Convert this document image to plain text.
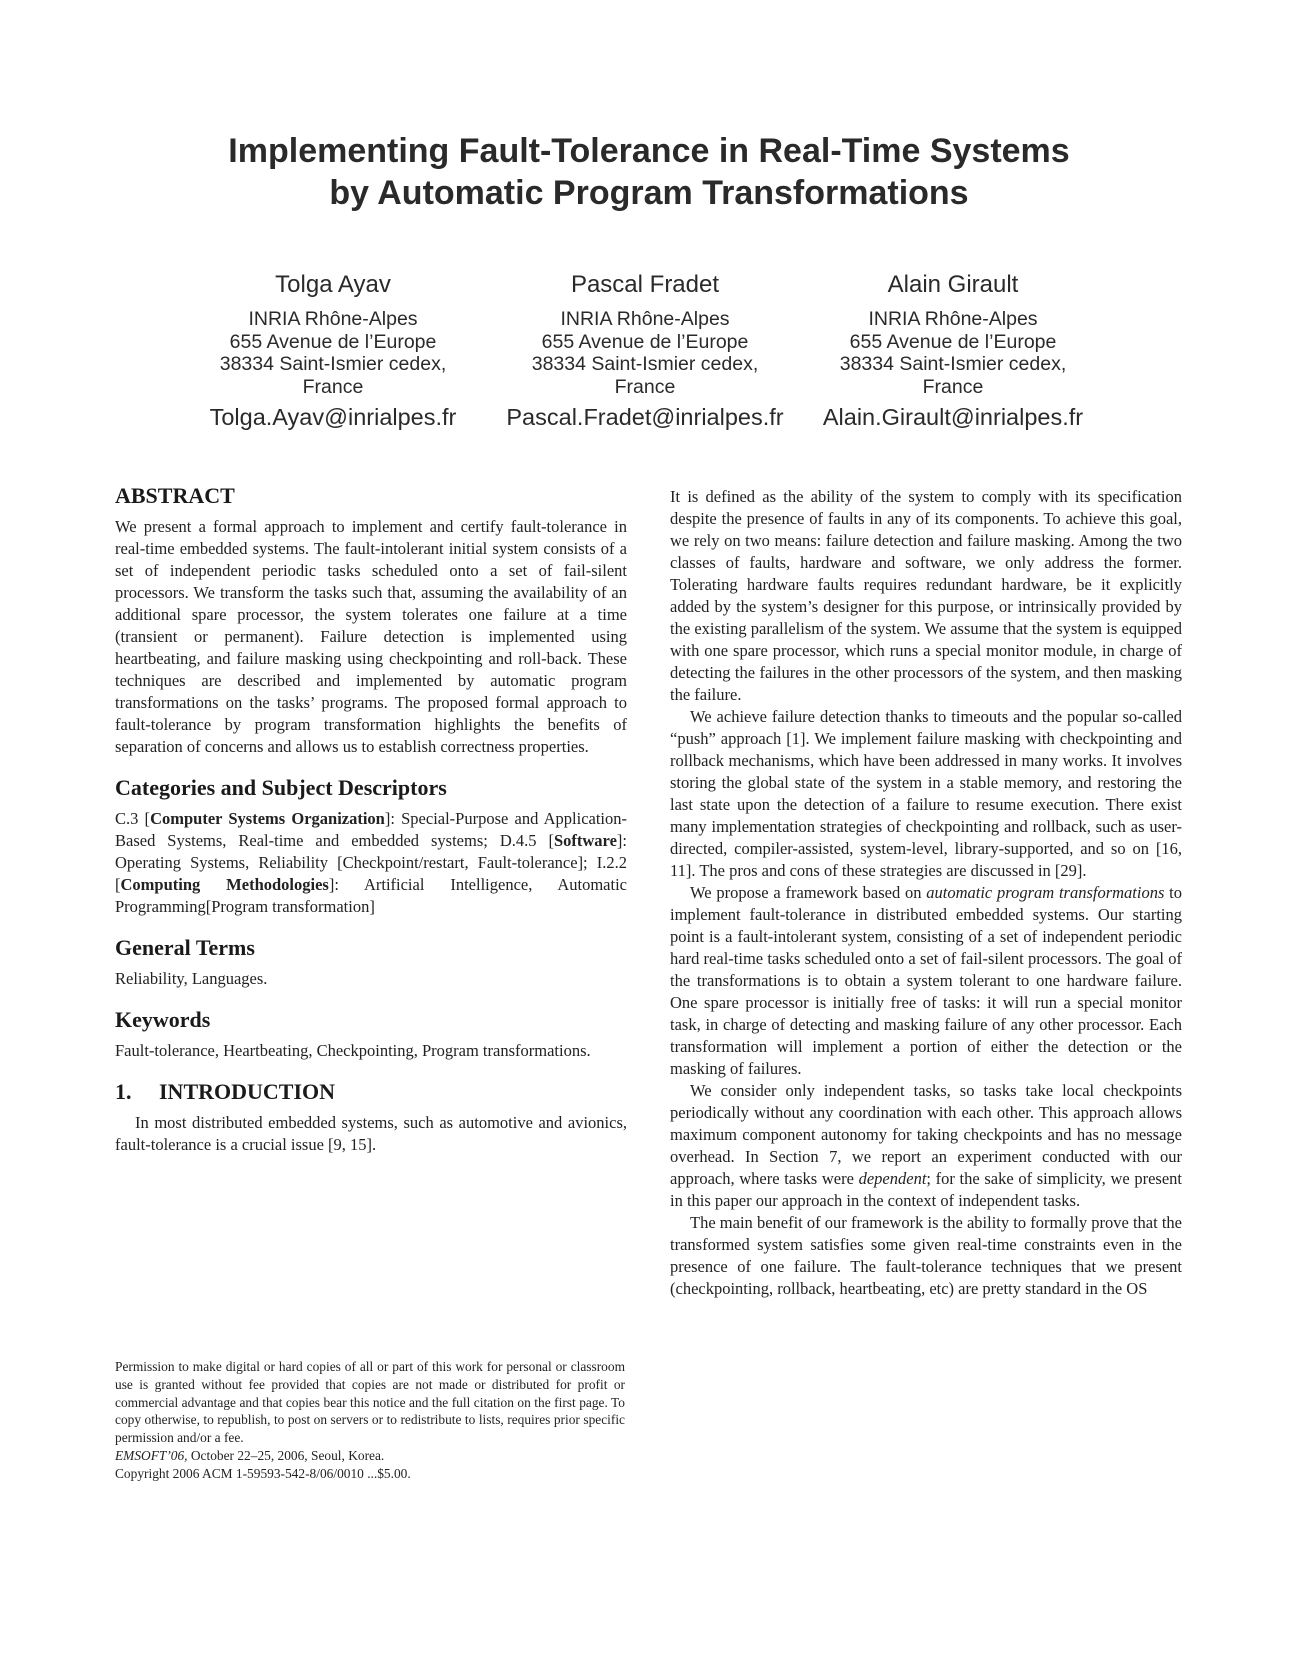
Implementing Fault-Tolerance in Real-Time Systems
by Automatic Program Transformations
Tolga Ayav
INRIA Rhône-Alpes
655 Avenue de l’Europe
38334 Saint-Ismier cedex,
France
Tolga.Ayav@inrialpes.fr
Pascal Fradet
INRIA Rhône-Alpes
655 Avenue de l’Europe
38334 Saint-Ismier cedex,
France
Pascal.Fradet@inrialpes.fr
Alain Girault
INRIA Rhône-Alpes
655 Avenue de l’Europe
38334 Saint-Ismier cedex,
France
Alain.Girault@inrialpes.fr
ABSTRACT

We present a formal approach to implement and certify fault-tolerance in real-time embedded systems. The fault-intolerant initial system consists of a set of independent periodic tasks scheduled onto a set of fail-silent processors. We transform the tasks such that, assuming the availability of an additional spare processor, the system tolerates one failure at a time (transient or permanent). Failure detection is implemented using heartbeating, and failure masking using checkpointing and roll-back. These techniques are described and implemented by automatic program transformations on the tasks’ programs. The proposed formal approach to fault-tolerance by program transformation highlights the benefits of separation of concerns and allows us to establish correctness properties.

Categories and Subject Descriptors

C.3 [Computer Systems Organization]: Special-Purpose and Application-Based Systems, Real-time and embedded systems; D.4.5 [Software]: Operating Systems, Reliability [Checkpoint/restart, Fault-tolerance]; I.2.2 [Computing Methodologies]: Artificial Intelligence, Automatic Programming[Program transformation]

General Terms

Reliability, Languages.

Keywords

Fault-tolerance, Heartbeating, Checkpointing, Program transformations.

1. INTRODUCTION

In most distributed embedded systems, such as automotive and avionics, fault-tolerance is a crucial issue [9, 15].

Permission to make digital or hard copies of all or part of this work for personal or classroom use is granted without fee provided that copies are not made or distributed for profit or commercial advantage and that copies bear this notice and the full citation on the first page. To copy otherwise, to republish, to post on servers or to redistribute to lists, requires prior specific permission and/or a fee.

EMSOFT’06, October 22–25, 2006, Seoul, Korea.

Copyright 2006 ACM 1-59593-542-8/06/0010 ...$5.00.

It is defined as the ability of the system to comply with its specification despite the presence of faults in any of its components. To achieve this goal, we rely on two means: failure detection and failure masking. Among the two classes of faults, hardware and software, we only address the former. Tolerating hardware faults requires redundant hardware, be it explicitly added by the system’s designer for this purpose, or intrinsically provided by the existing parallelism of the system. We assume that the system is equipped with one spare processor, which runs a special monitor module, in charge of detecting the failures in the other processors of the system, and then masking the failure.

We achieve failure detection thanks to timeouts and the popular so-called “push” approach [1]. We implement failure masking with checkpointing and rollback mechanisms, which have been addressed in many works. It involves storing the global state of the system in a stable memory, and restoring the last state upon the detection of a failure to resume execution. There exist many implementation strategies of checkpointing and rollback, such as user-directed, compiler-assisted, system-level, library-supported, and so on [16, 11]. The pros and cons of these strategies are discussed in [29].

We propose a framework based on automatic program transformations to implement fault-tolerance in distributed embedded systems. Our starting point is a fault-intolerant system, consisting of a set of independent periodic hard real-time tasks scheduled onto a set of fail-silent processors. The goal of the transformations is to obtain a system tolerant to one hardware failure. One spare processor is initially free of tasks: it will run a special monitor task, in charge of detecting and masking failure of any other processor. Each transformation will implement a portion of either the detection or the masking of failures.

We consider only independent tasks, so tasks take local checkpoints periodically without any coordination with each other. This approach allows maximum component autonomy for taking checkpoints and has no message overhead. In Section 7, we report an experiment conducted with our approach, where tasks were dependent; for the sake of simplicity, we present in this paper our approach in the context of independent tasks.

The main benefit of our framework is the ability to formally prove that the transformed system satisfies some given real-time constraints even in the presence of one failure. The fault-tolerance techniques that we present (checkpointing, rollback, heartbeating, etc) are pretty standard in the OS
